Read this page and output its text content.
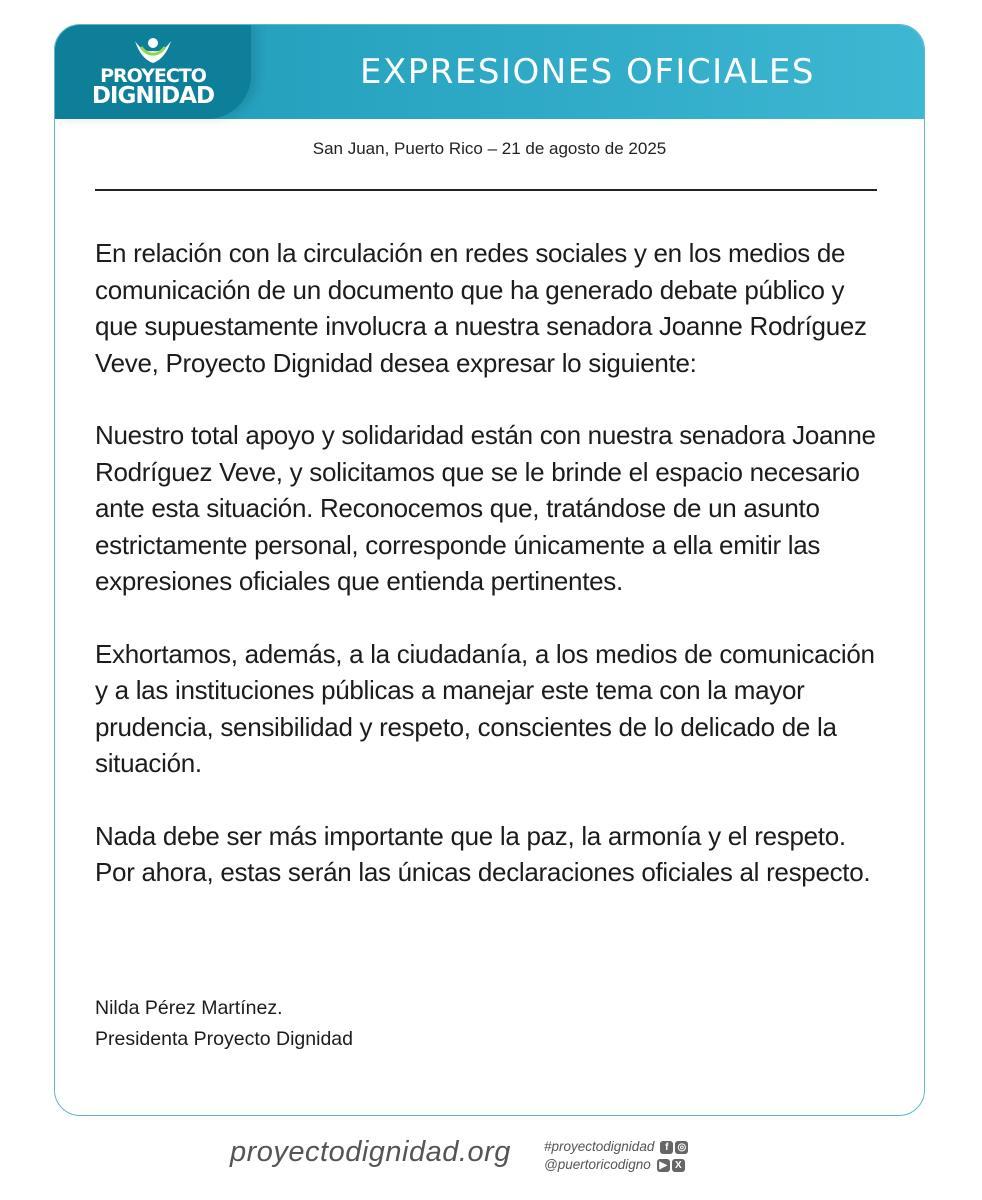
PROYECTO
DIGNIDAD
EXPRESIONES OFICIALES
San Juan, Puerto Rico – 21 de agosto de 2025

En relación con la circulación en redes sociales y en los medios de comunicación de un documento que ha generado debate público y que supuestamente involucra a nuestra senadora Joanne Rodríguez Veve, Proyecto Dignidad desea expresar lo siguiente:

Nuestro total apoyo y solidaridad están con nuestra senadora Joanne Rodríguez Veve, y solicitamos que se le brinde el espacio necesario ante esta situación. Reconocemos que, tratándose de un asunto estrictamente personal, corresponde únicamente a ella emitir las expresiones oficiales que entienda pertinentes.

Exhortamos, además, a la ciudadanía, a los medios de comunicación y a las instituciones públicas a manejar este tema con la mayor prudencia, sensibilidad y respeto, conscientes de lo delicado de la situación.

Nada debe ser más importante que la paz, la armonía y el respeto. Por ahora, estas serán las únicas declaraciones oficiales al respecto.

Nilda Pérez Martínez.
Presidenta Proyecto Dignidad
proyectodignidad.org #proyectodignidad	f ◎
@puertoricodigno ▶ X
